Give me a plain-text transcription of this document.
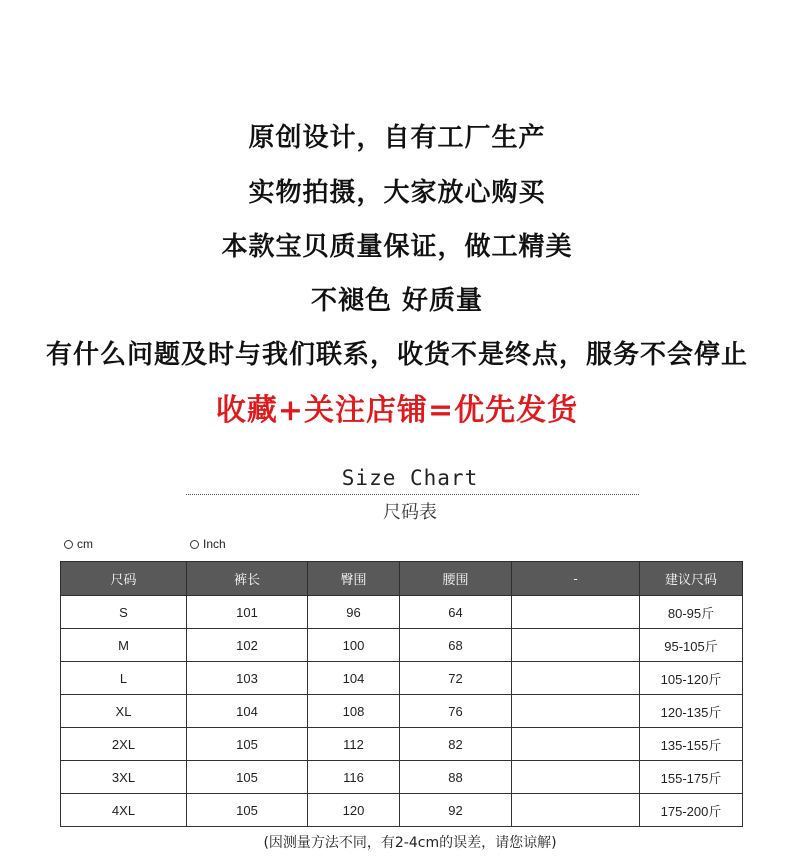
原创设计，自有工厂生产
实物拍摄，大家放心购买
本款宝贝质量保证，做工精美
不褪色 好质量
有什么问题及时与我们联系，收货不是终点，服务不会停止
收藏+关注店铺=优先发货
Size Chart
尺码表
cm	Inch
尺码	裤长	臀围	腰围	-	建议尺码
S	101	96	64		80-95斤
M	102	100	68		95-105斤
L	103	104	72		105-120斤
XL	104	108	76		120-135斤
2XL	105	112	82		135-155斤
3XL	105	116	88		155-175斤
4XL	105	120	92		175-200斤
(因测量方法不同，有2-4cm的误差，请您谅解)
